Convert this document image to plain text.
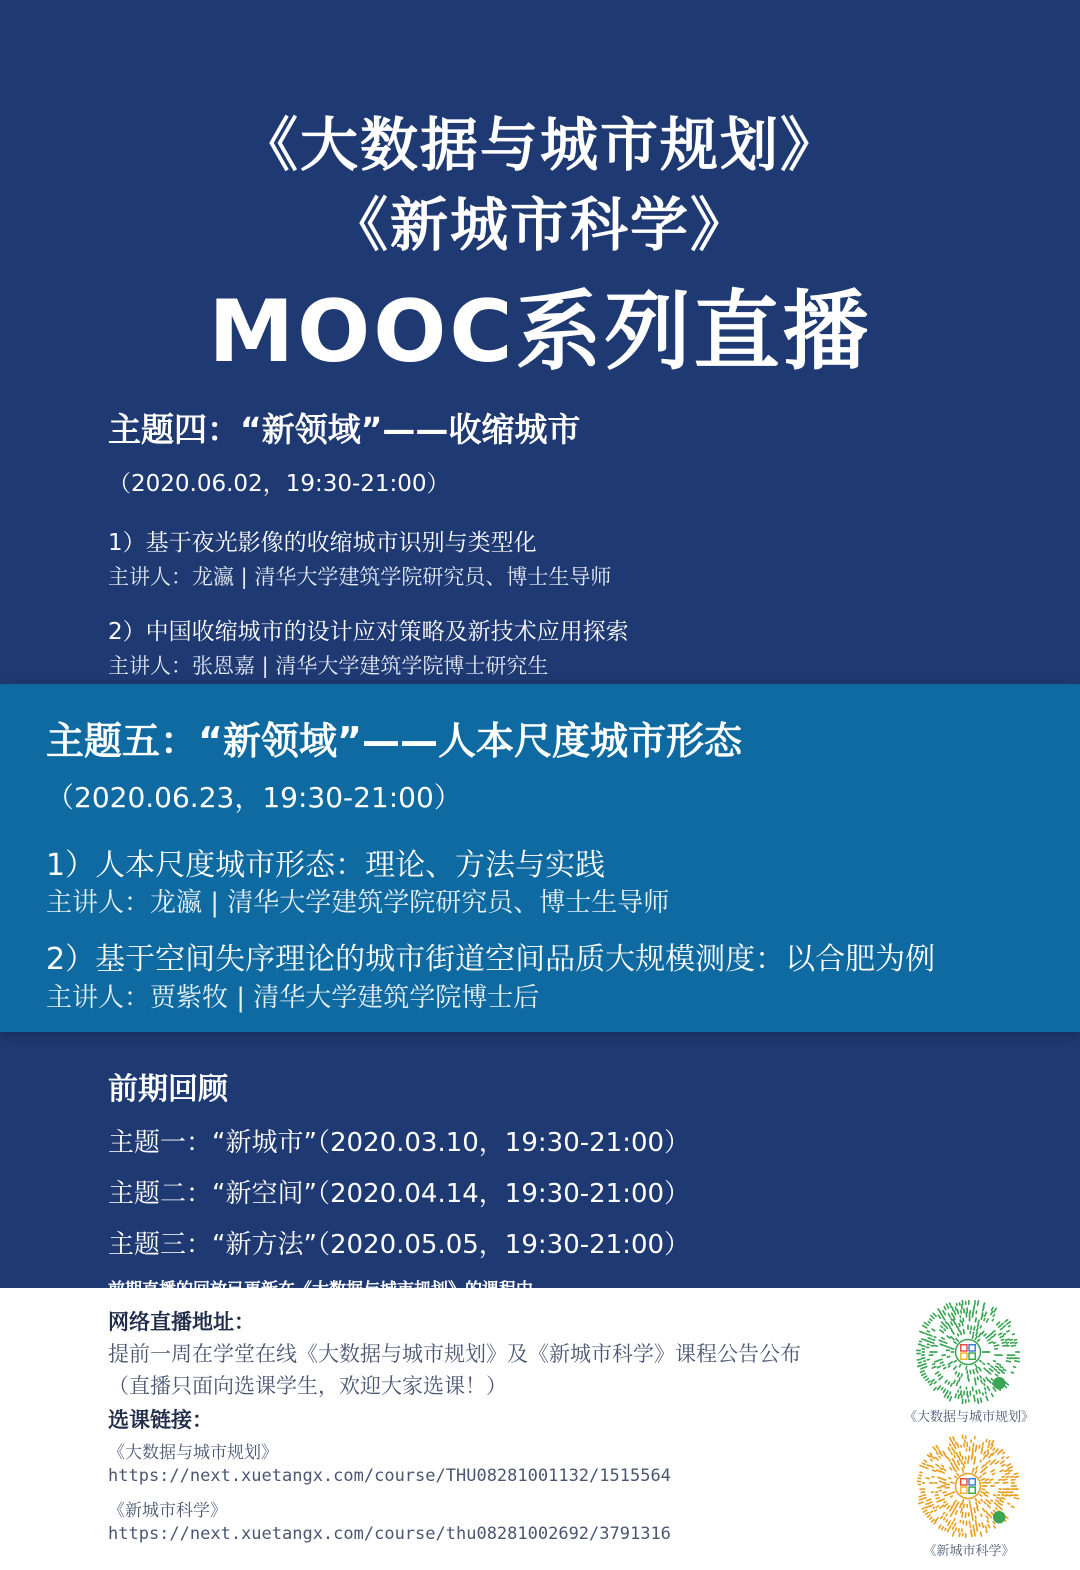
《大数据与城市规划》
《新城市科学》
MOOC系列直播
主题四：“新领域”——收缩城市
（2020.06.02，19:30-21:00）
1）基于夜光影像的收缩城市识别与类型化
主讲人：龙瀛 | 清华大学建筑学院研究员、博士生导师
2）中国收缩城市的设计应对策略及新技术应用探索
主讲人：张恩嘉 | 清华大学建筑学院博士研究生
主题五：“新领域”——人本尺度城市形态
（2020.06.23，19:30-21:00）
1）人本尺度城市形态：理论、方法与实践
主讲人：龙瀛 | 清华大学建筑学院研究员、博士生导师
2）基于空间失序理论的城市街道空间品质大规模测度：以合肥为例
主讲人：贾紫牧 | 清华大学建筑学院博士后
前期回顾
主题一：“新城市”（2020.03.10，19:30-21:00）
主题二：“新空间”（2020.04.14，19:30-21:00）
主题三：“新方法”（2020.05.05，19:30-21:00）
网络直播地址：
提前一周在学堂在线《大数据与城市规划》及《新城市科学》课程公告公布
（直播只面向选课学生，欢迎大家选课！）
选课链接：
《大数据与城市规划》
https://next.xuetangx.com/course/THU08281001132/1515564
《新城市科学》
https://next.xuetangx.com/course/thu08281002692/3791316
《大数据与城市规划》
《新城市科学》
